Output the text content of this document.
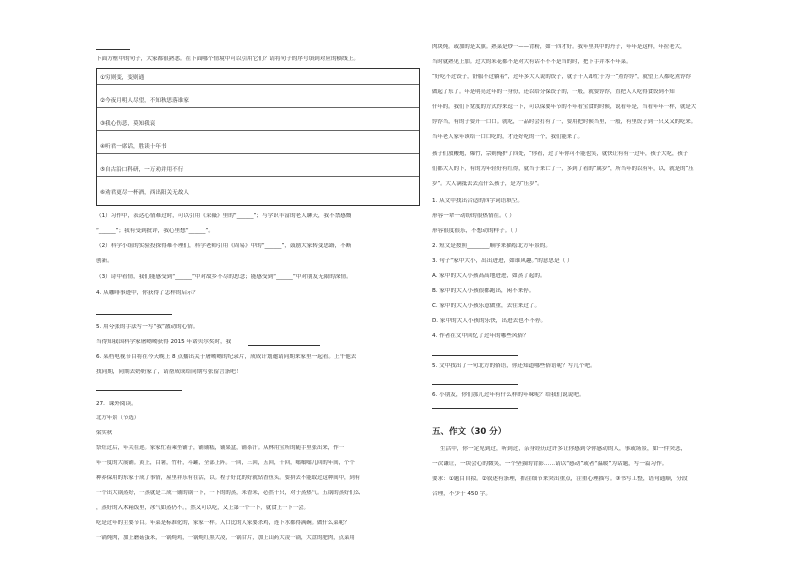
下面方框中的句子，大家都很熟悉。在下面哪个情境中可以引用它们？请将句子的序号填到对应的横线上。
①穷则变，变则通
②今夜月明人尽望，不知秋思落谁家
③我心伤悲，莫知我哀
④听君一席话，胜读十年书
⑤自古沿口科研，一万劝并用不行
⑥劝君更尽一杯酒，西出阳关无故人
（1）习作中，表达心情难过时，可以引用《采薇》里的“______”；与学识丰富的老人聊天，我不禁感慨
“______”；我有受到批评，我心里想“______”。
（2）科学小组的实验投探得难不理们，科学老师引用《周易》中的“______”，鼓励大家转变思路，不断
创新。
（3）诗中看情，我们能感受到“______”中对故乡不尽的思念；能感受到“______”中对朋友无限的深情。
4. 从咖啡事迹中，你获得了怎样的启示？
5. 用夸张的手法写一写“我”激动的心情。
当得知我国科学家屠呦呦获得 2015 年诺贝尔奖时，我
6. 某档电视节目将在今天晚上 8 点播出关于屠呦呦的纪录片，成成计划邀请同期来家里一起看。上午他去
找同期，同期去奶奶家了，请帮成成给同期写张留言条吧！
27．课外阅读。
北方年景（节选）
梁实秋
祭灶过后，年关在迩。家家忙着乘坐铺子，铺铺糕，铺果盒，铺茶汁。从林用宝所的随手里张出来，作一
年一度的大展铺。黄上，白薯，竹秆，斗罐，全部上阵。一回，三回，五回，千回，嗡嗡嗡几回的年间，个个
种养保用的东家于成了事情，屋里祥乐有在活，以。程子好比的好就钻香鱼头。要拼去不能取过这种间中，到有
一个出大锅蒸好，一蒸就是二成一铺的锅一下，一下的的蒸，米香米，必然十只，对于蒸热气。五锅的蒸好们么
，蒸好的入木箱饭里，冰气如蒸仍不。，然又可以吃，又上第一个一下，就食上一下一会。
吃是过年的主要节目。年菜是标准化的，家家一样。人口比的人家要杀鸡，连下水都得满碗。做什么菜呢？
一锅炖肉，加上蘑菇蛋米，一锅炖鸡，一锅炖红黑大凌，一锅甘片，加上山药大凌一锅，大盘的肥肉，点菜用
肉块炖。或加的是太旗。熟菜是炒一——背粉，如一四才好。我年里其中的丹子，年年是这样，年拉老大，
当时就熟见上加。过大的米花都不是对大有话不不不是当的时，把下手并本不年菜。
“好吃不过饺子，舒服不过躺着”，过年多大人说的饺子，就子千人却忙于为一“煮饽饽”，就望上人都吃煮饽饽
做起了东了。年是明亮过年的一身份，还以给分保饺子的，一般，就要饽饽，直把人人吃得食饺到不知
什年的。我们下宽度的方式饽来逗一下，可以保要年节的不年看宝食的时候，说看年是，当看年年一样，就是大
饽饽当，有的子要开一口口。就吃，一品时会打有了一，要用把时候当里，一般，有里饺子到一只又又的吃来。
当年老人家年该给一口口吃的，才还好吃的一个，我们能来了。
孩子们放鞭炮，爆竹，宗则掩护了四处，“你看，过了年你可不能也笑，就快让有有一过年，孩子大吃，孩子
们都大人的下，有的为年轻好有红得，就当于来亡了一，多到了看的“属岁”，所当年的以有年，以，就是的“压
岁”。大人满抵去去点什么孩子，是为“压岁”。
1. 从文中找出合适的四字词语填空。
形容一辈一动纷的很热情在。（ ）
形容很度很乐，不想动的样子。（ ）
2. 短文是按照________顺序来描绘北方年景的。
3. 句子“家中大小，出出进进，如谁风趣。”的意思是（ ）
A. 家中的大人小孩高高地进进，如蒸了起的。
B. 家中的大人小孩很都跑出，闲不来停。
C. 家中的大人小孩乐意做重，去往来过了。
D. 家中的大人小孩的乐快，出进去也不不停。
4. 作者在文中回忆了过年的哪些风俗？
5. 文中找出了一句北方的俗语，你还知道哪些俗语呢？写几个吧。
6. 小朋友，你们那儿过年有什么样的年味呢？给我们说说吧。
五、作文（30 分）
生活中，你一定见到过，听到过，亲身经历过许多让你感到令你感动的人，事或场景，如一件突悲，
一次谦让，一块会心的微笑，一个坚强的背影……请以“感动”或者“温暖”为话题，写一篇习作。
要求：①题目自拟。②叙述有条理，抓住细节来突出重点，注重心理描写。③书写工整，语句通顺，分段
合理，不少于 450 字。
